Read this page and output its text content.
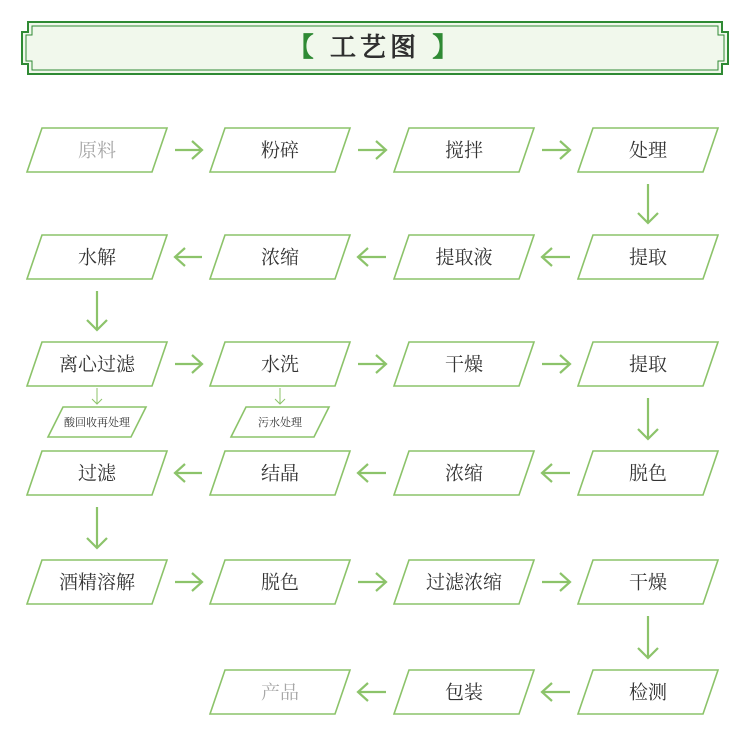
【 工艺图 】
原料	粉碎	搅拌	处理
水解	浓缩	提取液	提取
离心过滤	水洗	干燥	提取
过滤	结晶	浓缩	脱色
酒精溶解	脱色	过滤浓缩	干燥
产品	包装	检测
酸回收再处理	污水处理
